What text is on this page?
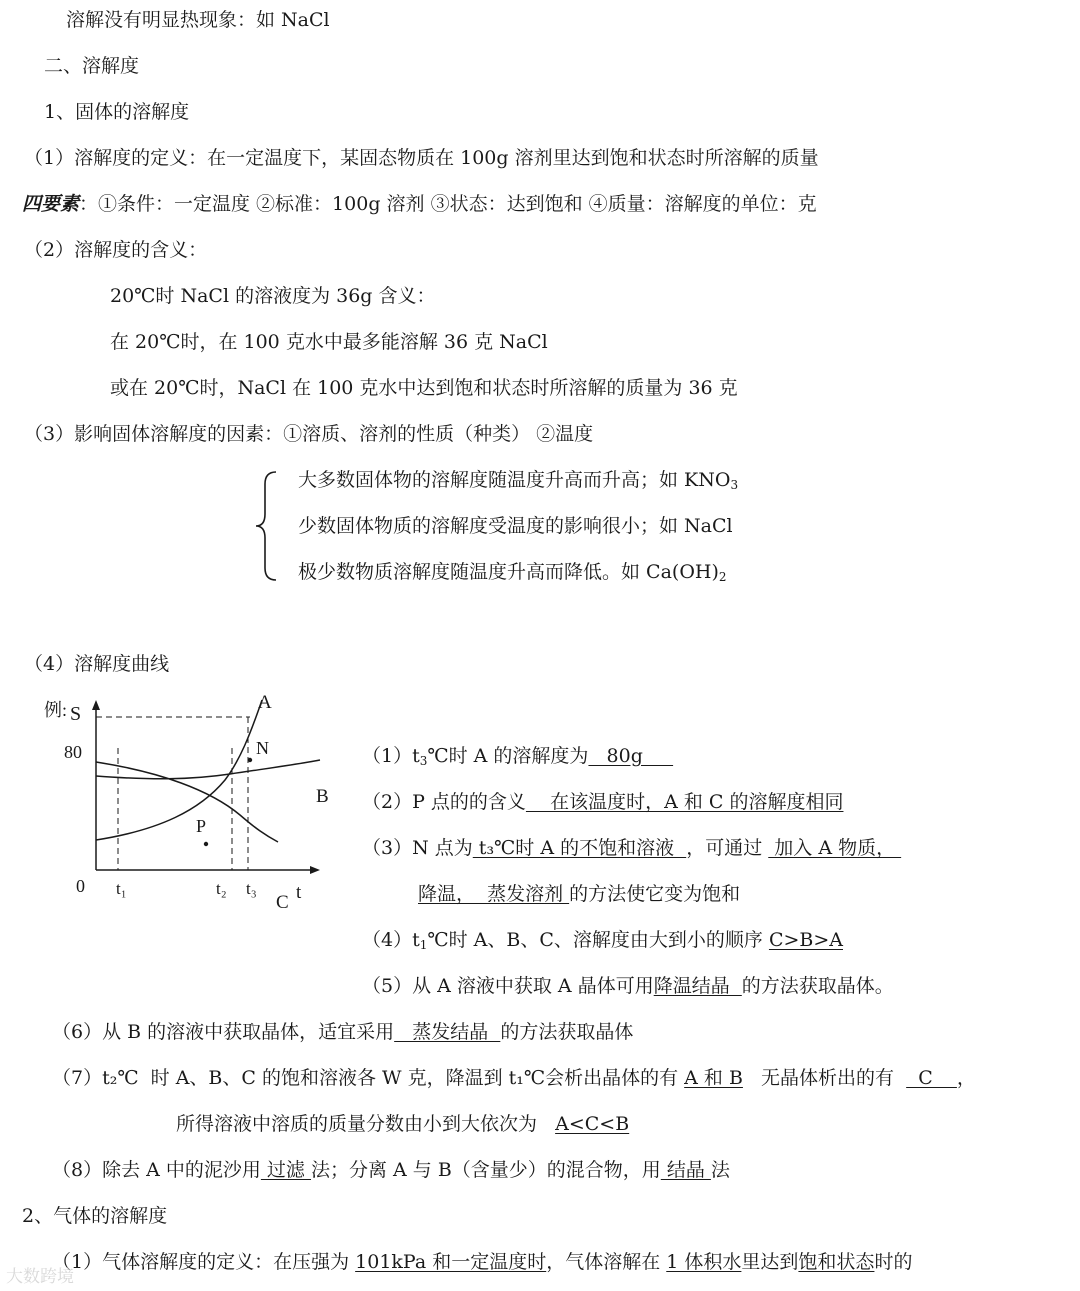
溶解没有明显热现象：如 NaCl
二、溶解度
1、固体的溶解度
（1）溶解度的定义：在一定温度下，某固态物质在 100g 溶剂里达到饱和状态时所溶解的质量
四要素：①条件：一定温度 ②标准：100g 溶剂 ③状态：达到饱和 ④质量：溶解度的单位：克
（2）溶解度的含义：
20℃时 NaCl 的溶液度为 36g 含义：
在 20℃时，在 100 克水中最多能溶解 36 克 NaCl
或在 20℃时，NaCl 在 100 克水中达到饱和状态时所溶解的质量为 36 克
（3）影响固体溶解度的因素：①溶质、溶剂的性质（种类） ②温度
大多数固体物的溶解度随温度升高而升高；如 $KNO_3$
少数固体物质的溶解度受温度的影响很小；如 NaCl
极少数物质溶解度随温度升高而降低。如 $Ca(OH)_2$
（4）溶解度曲线
例: S
80
0	t
t₁	t₂ t₃
A
B
C
N
P
$(1)t_3℃$时 A 的溶解度为   80g
（2）P 点的的含义    在该温度时，A 和 C 的溶解度相同
（3）N 点为 t₃℃时 A 的不饱和溶液  ，可通过  加入 A 物质，
降温，  蒸发溶剂 的方法使它变为饱和
$(4)t_1℃$时 A、B、C、溶解度由大到小的顺序 C>B>A
（5）从 A 溶液中获取 A 晶体可用降温结晶  的方法获取晶体。
（6）从 B 的溶液中获取晶体，适宜采用   蒸发结晶  的方法获取晶体
（7）t₂℃  时 A、B、C 的饱和溶液各 W 克，降温到 t₁℃会析出晶体的有 A 和 B   无晶体析出的有    C    ，
所得溶液中溶质的质量分数由小到大依次为   A<C<B
（8）除去 A 中的泥沙用 过滤 法；分离 A 与 B（含量少）的混合物，用 结晶 法
2、气体的溶解度
（1）气体溶解度的定义：在压强为 101kPa 和一定温度时，气体溶解在 1 体积水里达到饱和状态时的
大数跨境
